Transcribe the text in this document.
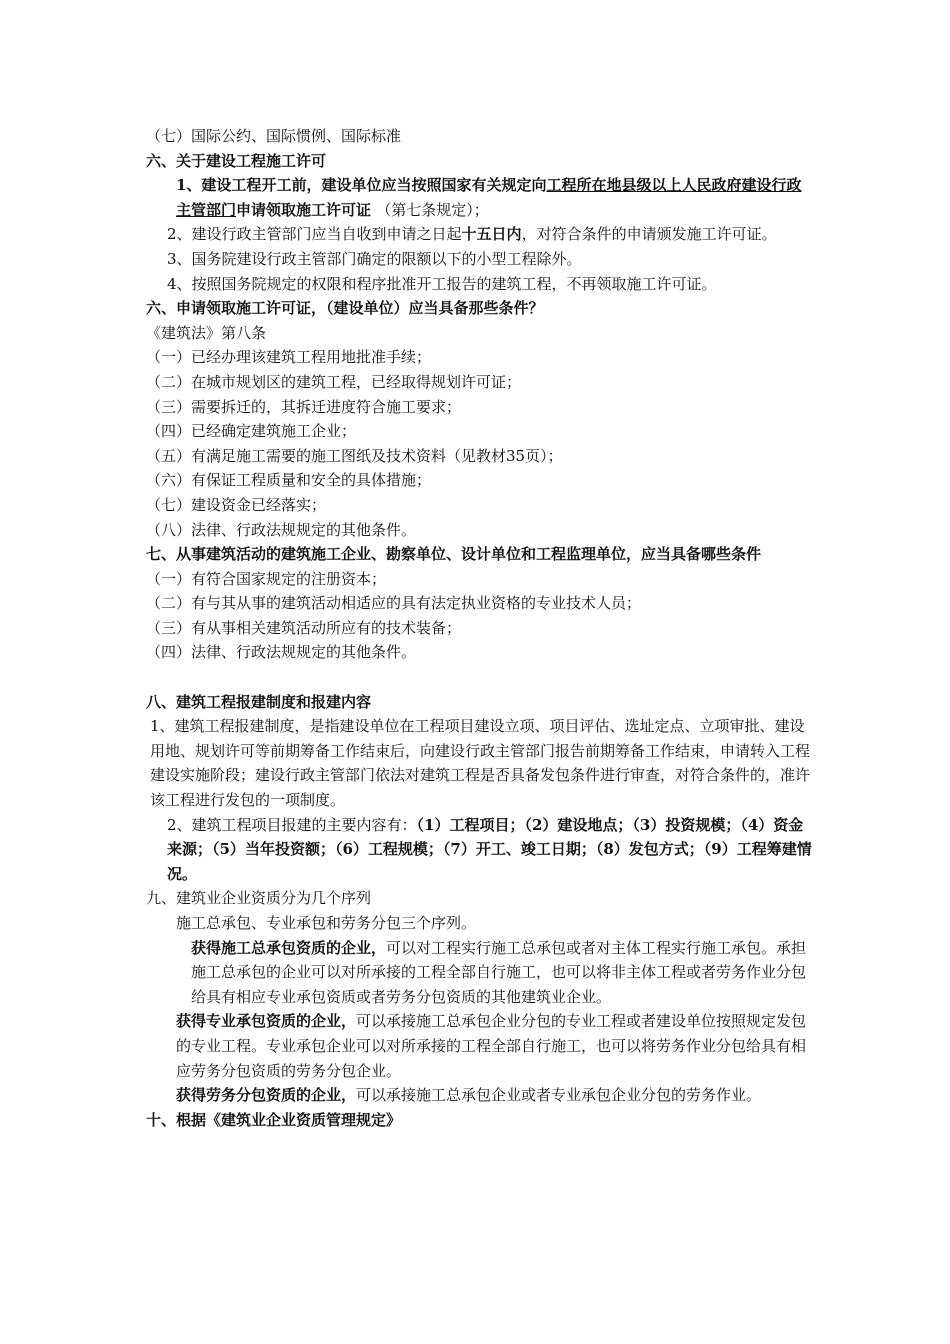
（七）国际公约、国际惯例、国际标准

六、关于建设工程施工许可

1、建设工程开工前，建设单位应当按照国家有关规定向工程所在地县级以上人民政府建设行政主管部门申请领取施工许可证 （第七条规定）；

2、建设行政主管部门应当自收到申请之日起十五日内，对符合条件的申请颁发施工许可证。

3、国务院建设行政主管部门确定的限额以下的小型工程除外。

4、按照国务院规定的权限和程序批准开工报告的建筑工程，不再领取施工许可证。

六、申请领取施工许可证，（建设单位）应当具备那些条件？

《建筑法》第八条

（一）已经办理该建筑工程用地批准手续；

（二）在城市规划区的建筑工程，已经取得规划许可证；

（三）需要拆迁的，其拆迁进度符合施工要求；

（四）已经确定建筑施工企业；

（五）有满足施工需要的施工图纸及技术资料（见教材35页）；

（六）有保证工程质量和安全的具体措施；

（七）建设资金已经落实；

（八）法律、行政法规规定的其他条件。

七、从事建筑活动的建筑施工企业、勘察单位、设计单位和工程监理单位，应当具备哪些条件

（一）有符合国家规定的注册资本；

（二）有与其从事的建筑活动相适应的具有法定执业资格的专业技术人员；

（三）有从事相关建筑活动所应有的技术装备；

（四）法律、行政法规规定的其他条件。

八、建筑工程报建制度和报建内容

1、建筑工程报建制度，是指建设单位在工程项目建设立项、项目评估、选址定点、立项审批、建设用地、规划许可等前期筹备工作结束后，向建设行政主管部门报告前期筹备工作结束，申请转入工程建设实施阶段；建设行政主管部门依法对建筑工程是否具备发包条件进行审查，对符合条件的，准许该工程进行发包的一项制度。

2、建筑工程项目报建的主要内容有：（1）工程项目；（2）建设地点；（3）投资规模；（4）资金来源；（5）当年投资额；（6）工程规模；（7）开工、竣工日期；（8）发包方式；（9）工程筹建情况。

九、建筑业企业资质分为几个序列

施工总承包、专业承包和劳务分包三个序列。

获得施工总承包资质的企业，可以对工程实行施工总承包或者对主体工程实行施工承包。承担施工总承包的企业可以对所承接的工程全部自行施工，也可以将非主体工程或者劳务作业分包给具有相应专业承包资质或者劳务分包资质的其他建筑业企业。

获得专业承包资质的企业，可以承接施工总承包企业分包的专业工程或者建设单位按照规定发包的专业工程。专业承包企业可以对所承接的工程全部自行施工，也可以将劳务作业分包给具有相应劳务分包资质的劳务分包企业。

获得劳务分包资质的企业，可以承接施工总承包企业或者专业承包企业分包的劳务作业。

十、根据《建筑业企业资质管理规定》
